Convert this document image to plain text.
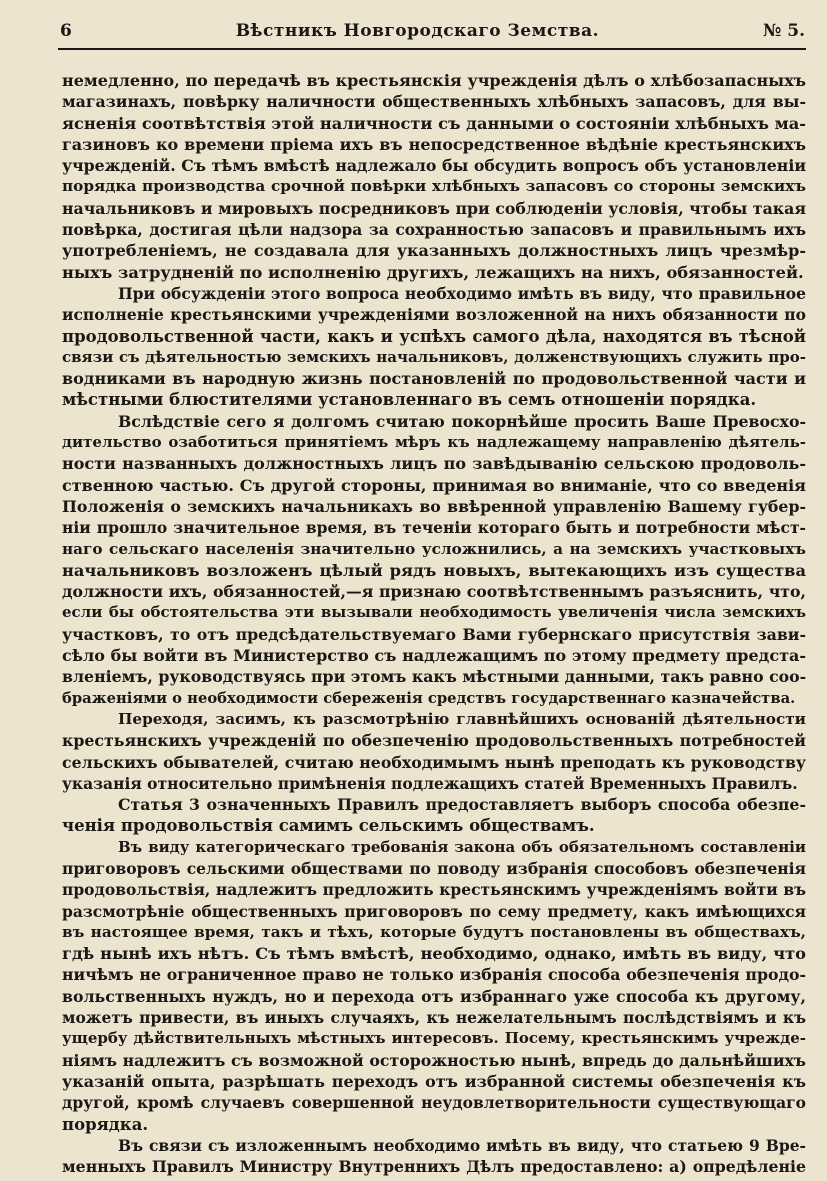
6	Вѣстникъ Новгородскаго Земства.	№ 5.
немедленно, по передачѣ въ крестьянскія учрежденія дѣлъ о хлѣбозапасныхъ
магазинахъ, повѣрку наличности общественныхъ хлѣбныхъ запасовъ, для вы-
ясненія соотвѣтствія этой наличности съ данными о состояніи хлѣбныхъ ма-
газиновъ ко времени пріема ихъ въ непосредственное вѣдѣніе крестьянскихъ
учрежденій. Съ тѣмъ вмѣстѣ надлежало бы обсудить вопросъ объ установленіи
порядка производства срочной повѣрки хлѣбныхъ запасовъ со стороны земскихъ
начальниковъ и мировыхъ посредниковъ при соблюденіи условія, чтобы такая
повѣрка, достигая цѣли надзора за сохранностью запасовъ и правильнымъ ихъ
употребленіемъ, не создавала для указанныхъ должностныхъ лицъ чрезмѣр-
ныхъ затрудненій по исполненію другихъ, лежащихъ на нихъ, обязанностей.
При обсужденіи этого вопроса необходимо имѣть въ виду, что правильное
исполненіе крестьянскими учрежденіями возложенной на нихъ обязанности по
продовольственной части, какъ и успѣхъ самого дѣла, находятся въ тѣсной
связи съ дѣятельностью земскихъ начальниковъ, долженствующихъ служить про-
водниками въ народную жизнь постановленій по продовольственной части и
мѣстными блюстителями установленнаго въ семъ отношеніи порядка.
Вслѣдствіе сего я долгомъ считаю покорнѣйше просить Ваше Превосхо-
дительство озаботиться принятіемъ мѣръ къ надлежащему направленію дѣятель-
ности названныхъ должностныхъ лицъ по завѣдыванію сельскою продоволь-
ственною частью. Съ другой стороны, принимая во вниманіе, что со введенія
Положенія о земскихъ начальникахъ во ввѣренной управленію Вашему губер-
ніи прошло значительное время, въ теченіи котораго быть и потребности мѣст-
наго сельскаго населенія значительно усложнились, а на земскихъ участковыхъ
начальниковъ возложенъ цѣлый рядъ новыхъ, вытекающихъ изъ существа
должности ихъ, обязанностей,—я признаю соотвѣтственнымъ разъяснить, что,
если бы обстоятельства эти вызывали необходимость увеличенія числа земскихъ
участковъ, то отъ предсѣдательствуемаго Вами губернскаго присутствія зави-
сѣло бы войти въ Министерство съ надлежащимъ по этому предмету предста-
вленіемъ, руководствуясь при этомъ какъ мѣстными данными, такъ равно соо-
браженіями о необходимости сбереженія средствъ государственнаго казначейства.
Переходя, засимъ, къ разсмотрѣнію главнѣйшихъ основаній дѣятельности
крестьянскихъ учрежденій по обезпеченію продовольственныхъ потребностей
сельскихъ обывателей, считаю необходимымъ нынѣ преподать къ руководству
указанія относительно примѣненія подлежащихъ статей Временныхъ Правилъ.
Статья 3 означенныхъ Правилъ предоставляетъ выборъ способа обезпе-
ченія продовольствія самимъ сельскимъ обществамъ.
Въ виду категорическаго требованія закона объ обязательномъ составленіи
приговоровъ сельскими обществами по поводу избранія способовъ обезпеченія
продовольствія, надлежитъ предложить крестьянскимъ учрежденіямъ войти въ
разсмотрѣніе общественныхъ приговоровъ по сему предмету, какъ имѣющихся
въ настоящее время, такъ и тѣхъ, которые будутъ постановлены въ обществахъ,
гдѣ нынѣ ихъ нѣтъ. Съ тѣмъ вмѣстѣ, необходимо, однако, имѣть въ виду, что
ничѣмъ не ограниченное право не только избранія способа обезпеченія продо-
вольственныхъ нуждъ, но и перехода отъ избраннаго уже способа къ другому,
можетъ привести, въ иныхъ случаяхъ, къ нежелательнымъ послѣдствіямъ и къ
ущербу дѣйствительныхъ мѣстныхъ интересовъ. Посему, крестьянскимъ учрежде-
ніямъ надлежитъ съ возможной осторожностью нынѣ, впредь до дальнѣйшихъ
указаній опыта, разрѣшать переходъ отъ избранной системы обезпеченія къ
другой, кромѣ случаевъ совершенной неудовлетворительности существующаго
порядка.
Въ связи съ изложеннымъ необходимо имѣть въ виду, что статьею 9 Вре-
менныхъ Правилъ Министру Внутреннихъ Дѣлъ предоставлено: а) опредѣленіе
